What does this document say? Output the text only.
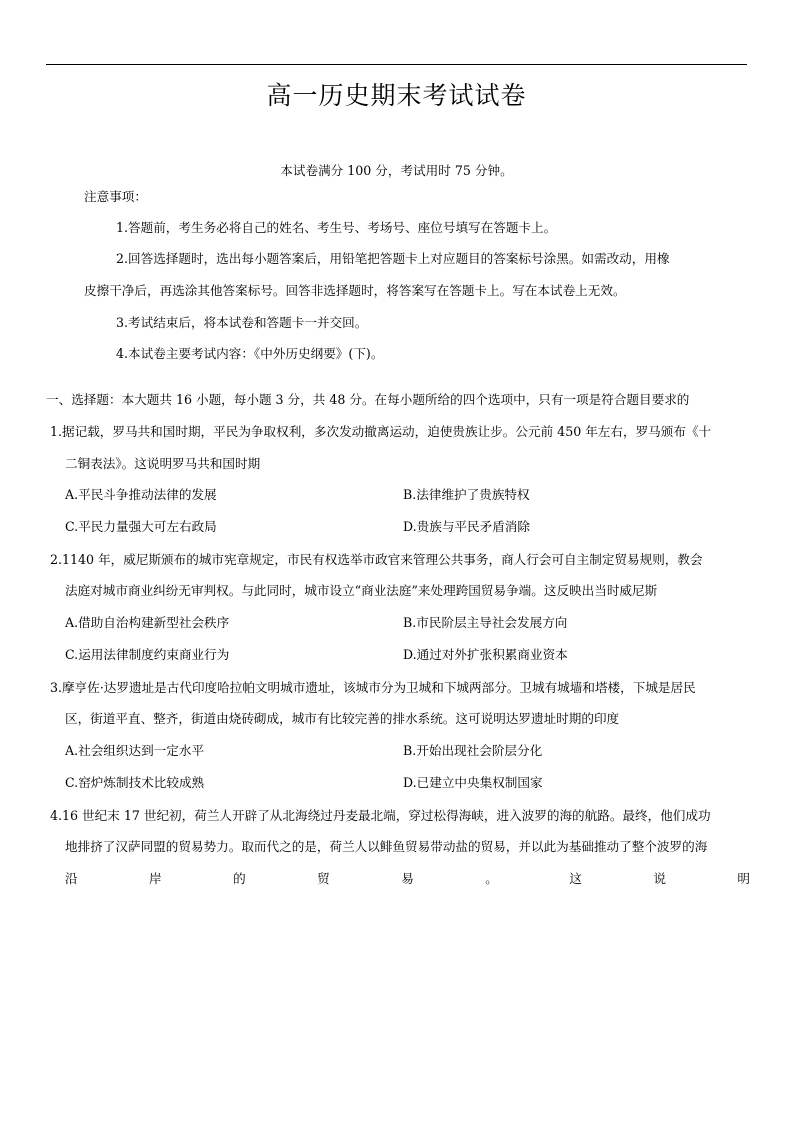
高一历史期末考试试卷
本试卷满分 100 分，考试用时 75 分钟。
注意事项：
1.答题前，考生务必将自己的姓名、考生号、考场号、座位号填写在答题卡上。
2.回答选择题时，选出每小题答案后，用铅笔把答题卡上对应题目的答案标号涂黑。如需改动，用橡
皮擦干净后，再选涂其他答案标号。回答非选择题时，将答案写在答题卡上。写在本试卷上无效。
3.考试结束后，将本试卷和答题卡一并交回。
4.本试卷主要考试内容：《中外历史纲要》(下)。
一、选择题：本大题共 16 小题，每小题 3 分，共 48 分。在每小题所给的四个选项中，只有一项是符合题目要求的
1.据记载，罗马共和国时期，平民为争取权利，多次发动撤离运动，迫使贵族让步。公元前 450 年左右，罗马颁布《十
二铜表法》。这说明罗马共和国时期
A.平民斗争推动法律的发展	B.法律维护了贵族特权
C.平民力量强大可左右政局	D.贵族与平民矛盾消除
2.1140 年，威尼斯颁布的城市宪章规定，市民有权选举市政官来管理公共事务，商人行会可自主制定贸易规则，教会
法庭对城市商业纠纷无审判权。与此同时，城市设立“商业法庭”来处理跨国贸易争端。这反映出当时威尼斯
A.借助自治构建新型社会秩序	B.市民阶层主导社会发展方向
C.运用法律制度约束商业行为	D.通过对外扩张积累商业资本
3.摩亨佐·达罗遗址是古代印度哈拉帕文明城市遗址，该城市分为卫城和下城两部分。卫城有城墙和塔楼，下城是居民
区，街道平直、整齐，街道由烧砖砌成，城市有比较完善的排水系统。这可说明达罗遗址时期的印度
A.社会组织达到一定水平	B.开始出现社会阶层分化
C.窑炉炼制技术比较成熟	D.已建立中央集权制国家
4.16 世纪末 17 世纪初，荷兰人开辟了从北海绕过丹麦最北端，穿过松得海峡，进入波罗的海的航路。最终，他们成功
地排挤了汉萨同盟的贸易势力。取而代之的是，荷兰人以鲱鱼贸易带动盐的贸易，并以此为基础推动了整个波罗的海
沿	岸	的	贸	易	。	这	说	明
